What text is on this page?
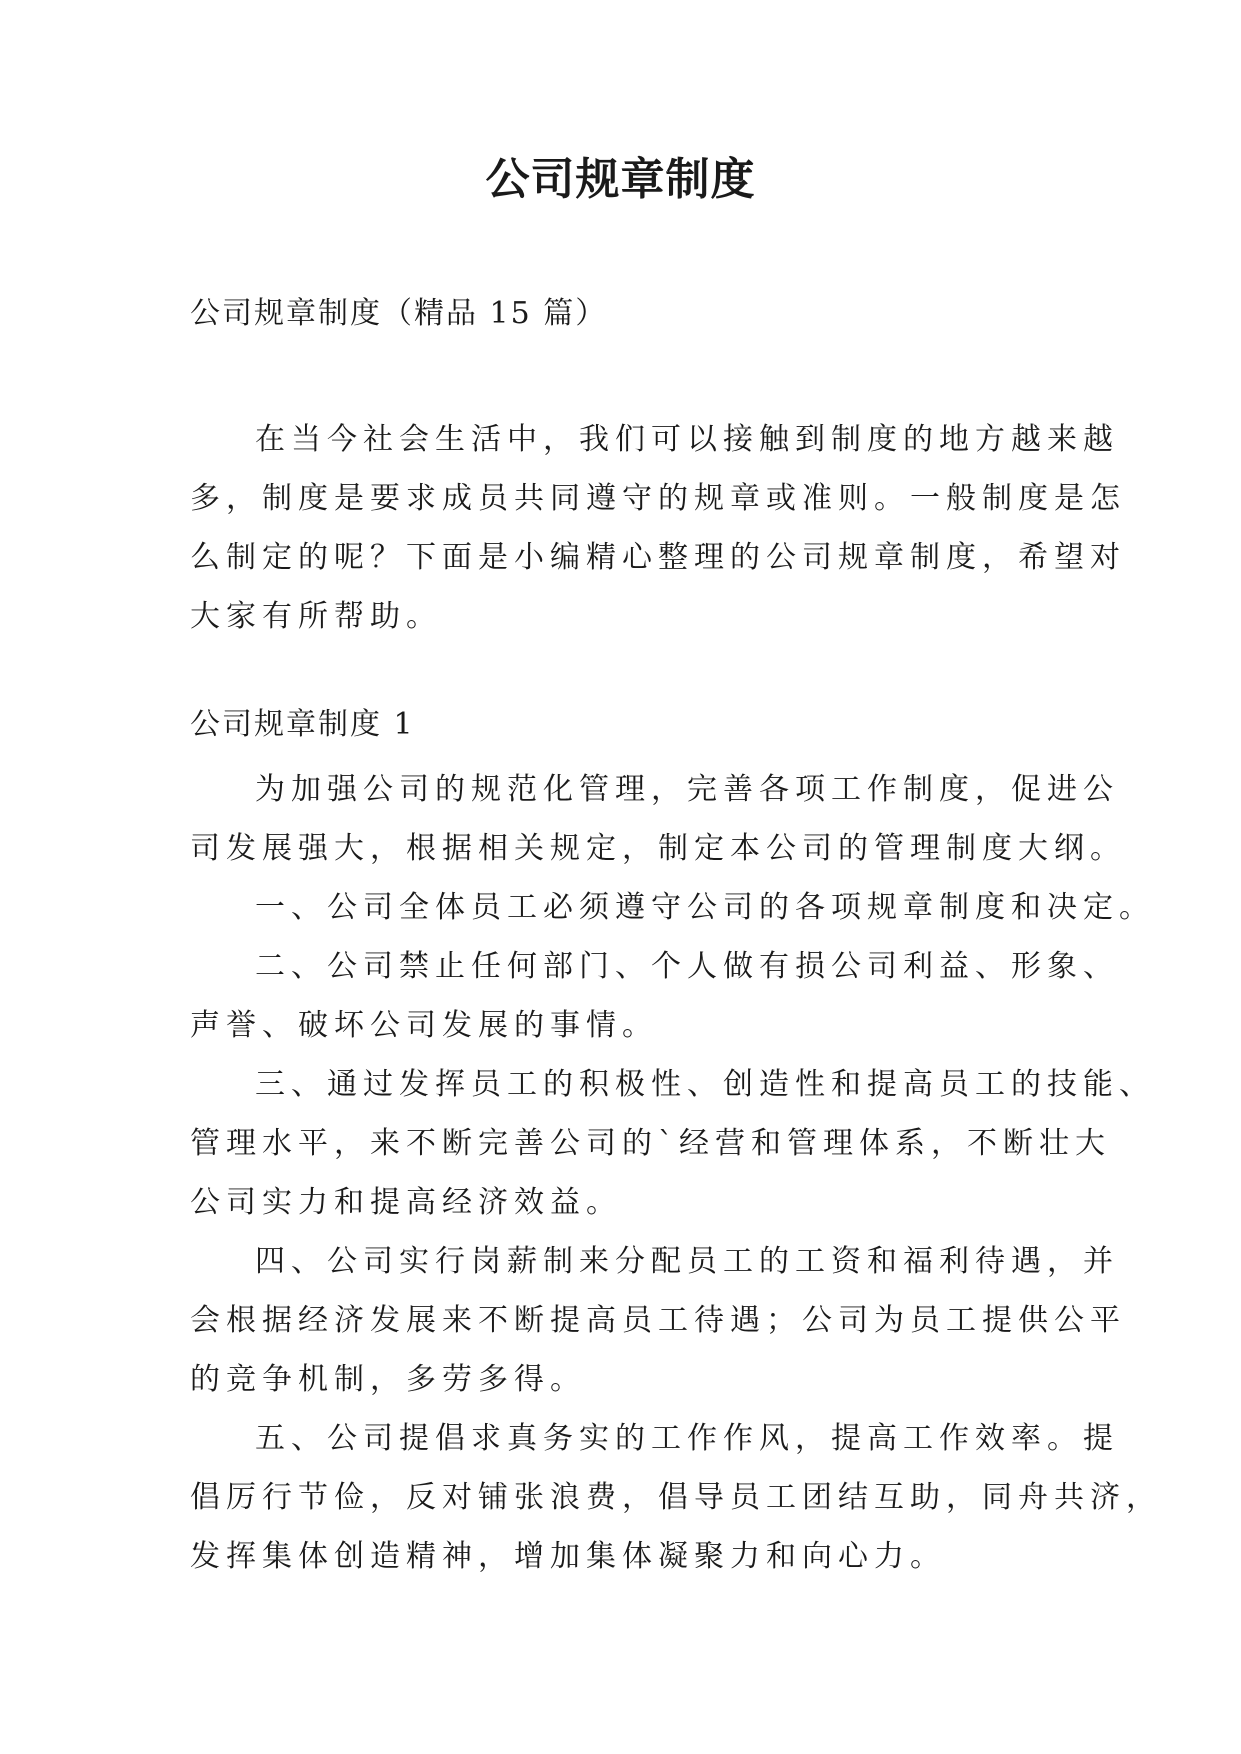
公司规章制度

公司规章制度（精品 15 篇）

在当今社会生活中，我们可以接触到制度的地方越来越
多，制度是要求成员共同遵守的规章或准则。一般制度是怎
么制定的呢？下面是小编精心整理的公司规章制度，希望对
大家有所帮助。

公司规章制度 1

为加强公司的规范化管理，完善各项工作制度，促进公
司发展强大，根据相关规定，制定本公司的管理制度大纲。
一、公司全体员工必须遵守公司的各项规章制度和决定。
二、公司禁止任何部门、个人做有损公司利益、形象、
声誉、破坏公司发展的事情。
三、通过发挥员工的积极性、创造性和提高员工的技能、
管理水平，来不断完善公司的`经营和管理体系，不断壮大
公司实力和提高经济效益。
四、公司实行岗薪制来分配员工的工资和福利待遇，并
会根据经济发展来不断提高员工待遇；公司为员工提供公平
的竞争机制，多劳多得。
五、公司提倡求真务实的工作作风，提高工作效率。提
倡厉行节俭，反对铺张浪费，倡导员工团结互助，同舟共济，
发挥集体创造精神，增加集体凝聚力和向心力。
